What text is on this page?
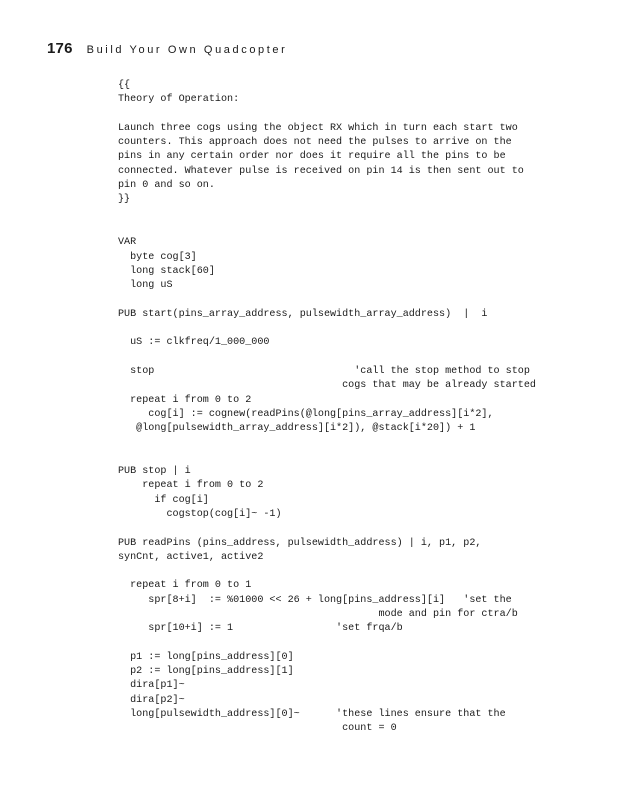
176 Build Your Own Quadcopter
{{
Theory of Operation:
Launch three cogs using the object RX which in turn each start two
counters. This approach does not need the pulses to arrive on the
pins in any certain order nor does it require all the pins to be
connected. Whatever pulse is received on pin 14 is then sent out to
pin 0 and so on.
}}
VAR
byte cog[3]
long stack[60]
long uS
PUB start(pins_array_address, pulsewidth_array_address)  |  i
uS := clkfreq/1_000_000
stop                                 'call the stop method to stop
cogs that may be already started
repeat i from 0 to 2
cog[i] := cognew(readPins(@long[pins_array_address][i*2],
@long[pulsewidth_array_address][i*2]), @stack[i*20]) + 1
PUB stop | i
repeat i from 0 to 2
if cog[i]
cogstop(cog[i]~ -1)
PUB readPins (pins_address, pulsewidth_address) | i, p1, p2,
synCnt, active1, active2
repeat i from 0 to 1
spr[8+i]  := %01000 << 26 + long[pins_address][i]   'set the
mode and pin for ctra/b
spr[10+i] := 1                 'set frqa/b
p1 := long[pins_address][0]
p2 := long[pins_address][1]
dira[p1]~
dira[p2]~
long[pulsewidth_address][0]~      'these lines ensure that the
count = 0
